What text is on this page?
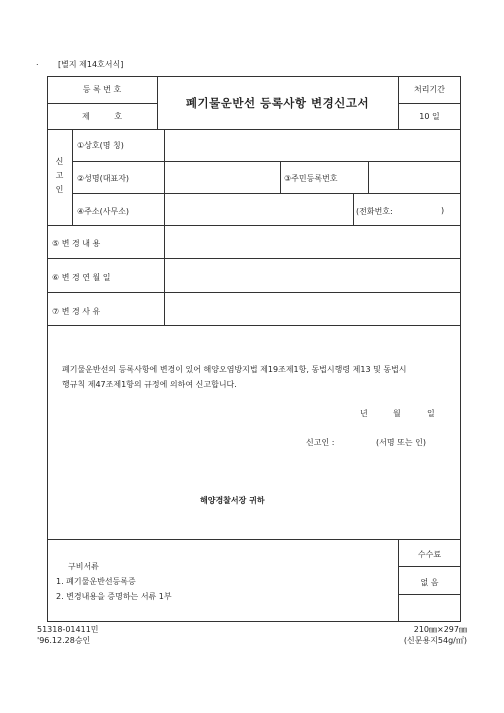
. [별지 제14호서식]
등 록 번 호
제 호
폐기물운반선 등록사항 변경신고서
처리기간
10 일
신
고
인
①상호(명 칭)
②성명(대표자)	③주민등록번호
④주소(사무소)	(전화번호:	)
⑤ 변 경 내 용
⑥ 변 경 연 월 일
⑦ 변 경 사 유
폐기물운반선의 등록사항에 변경이 있어 해양오염방지법 제19조제1항, 동법시행령 제13 및 동법시
행규칙 제47조제1항의 규정에 의하여 신고합니다.
년	월	일
신고인 :	(서명 또는 인)
해양경찰서장 귀하
구비서류
1. 폐기물운반선등록증
2. 변경내용을 증명하는 서류 1부
수수료
없 음
51318-01411민
'96.12.28승인
210㎜×297㎜
(신문용지54g/㎡)
